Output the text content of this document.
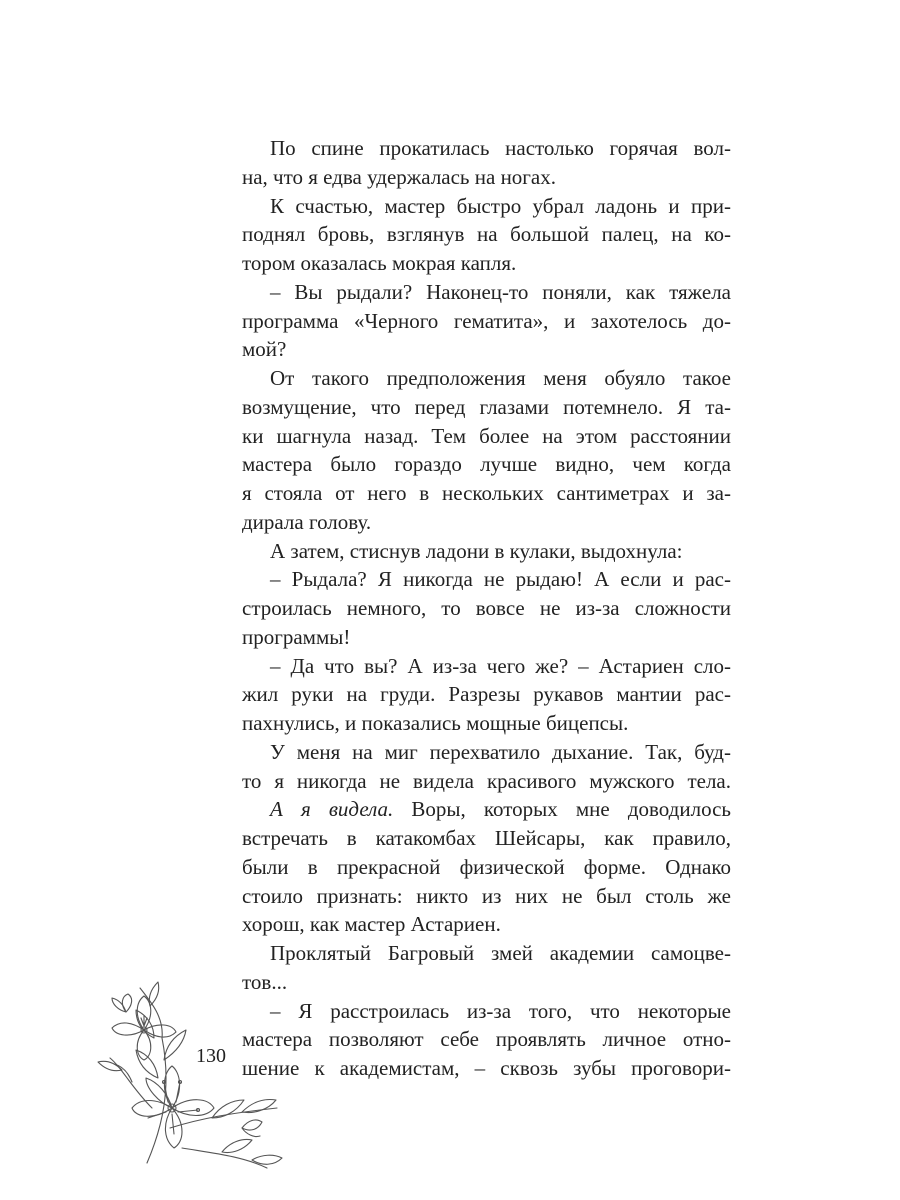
По спине прокатилась настолько горячая вол-
на, что я едва удержалась на ногах.
К счастью, мастер быстро убрал ладонь и при-
поднял бровь, взглянув на большой палец, на ко-
тором оказалась мокрая капля.
– Вы рыдали? Наконец-то поняли, как тяжела
программа «Черного гематита», и захотелось до-
мой?
От такого предположения меня обуяло такое
возмущение, что перед глазами потемнело. Я та-
ки шагнула назад. Тем более на этом расстоянии
мастера было гораздо лучше видно, чем когда
я стояла от него в нескольких сантиметрах и за-
дирала голову.
А затем, стиснув ладони в кулаки, выдохнула:
– Рыдала? Я никогда не рыдаю! А если и рас-
строилась немного, то вовсе не из-за сложности
программы!
– Да что вы? А из-за чего же? – Астариен сло-
жил руки на груди. Разрезы рукавов мантии рас-
пахнулись, и показались мощные бицепсы.
У меня на миг перехватило дыхание. Так, буд-
то я никогда не видела красивого мужского тела.
А я видела. Воры, которых мне доводилось
встречать в катакомбах Шейсары, как правило,
были в прекрасной физической форме. Однако
стоило признать: никто из них не был столь же
хорош, как мастер Астариен.
Проклятый Багровый змей академии самоцве-
тов...
– Я расстроилась из-за того, что некоторые
мастера позволяют себе проявлять личное отно-
шение к академистам, – сквозь зубы проговори-
130
